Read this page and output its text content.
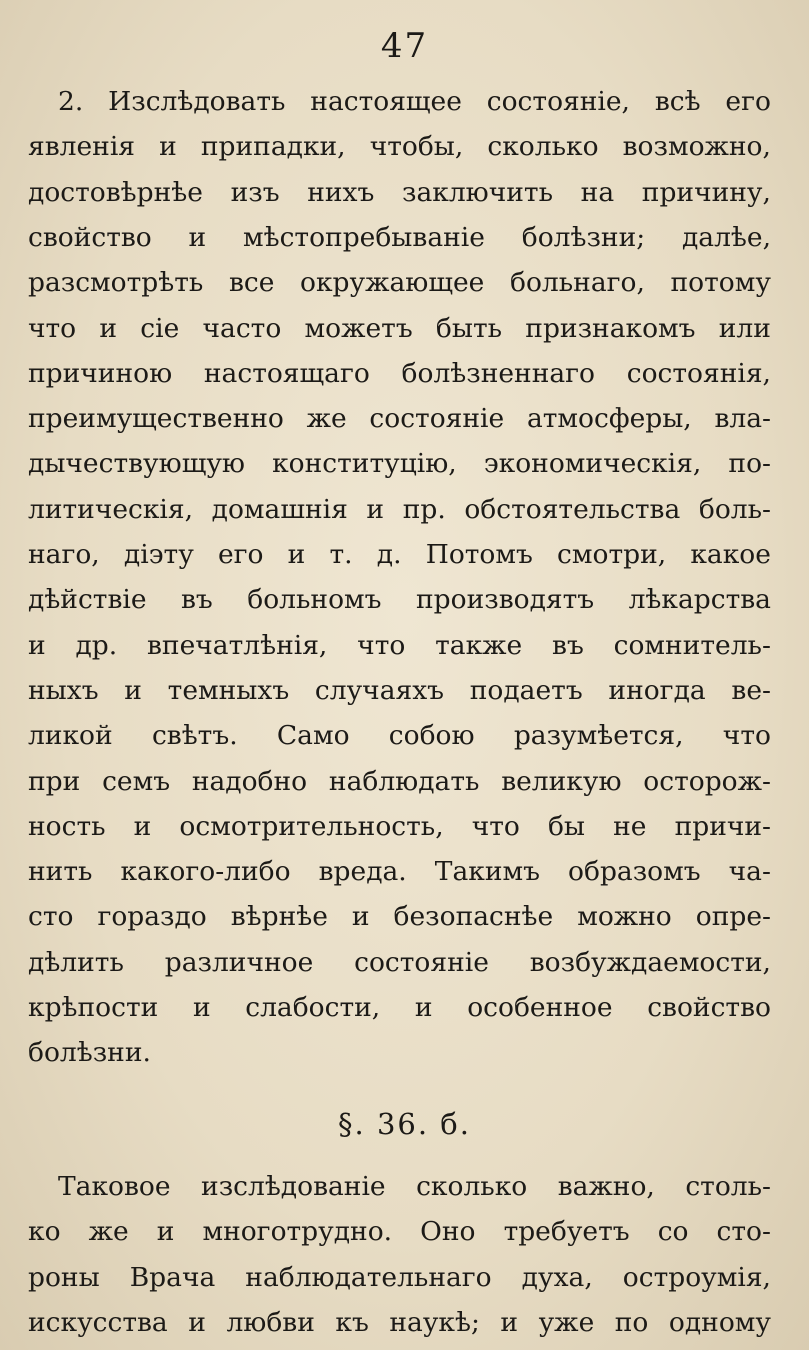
47
2. Изслѣдовать настоящее состояніе, всѣ его
явленія и припадки, чтобы, сколько возможно,
достовѣрнѣе изъ нихъ заключить на причину,
свойство и мѣстопребываніе болѣзни; далѣе,
разсмотрѣть все окружающее больнаго, потому
что и сіе часто можетъ быть признакомъ или
причиною настоящаго болѣзненнаго состоянія,
преимущественно же состояніе атмосферы, вла-
дычествующую конституцію, экономическія, по-
литическія, домашнія и пр. обстоятельства боль-
наго, діэту его и т. д. Потомъ смотри, какое
дѣйствіе въ больномъ производятъ лѣкарства
и др. впечатлѣнія, что также въ сомнитель-
ныхъ и темныхъ случаяхъ подаетъ иногда ве-
ликой свѣтъ. Само собою разумѣется, что
при семъ надобно наблюдать великую осторож-
ность и осмотрительность, что бы не причи-
нить какого-либо вреда. Такимъ образомъ ча-
сто гораздо вѣрнѣе и безопаснѣе можно опре-
дѣлить различное состояніе возбуждаемости,
крѣпости и слабости, и особенное свойство
болѣзни.
Таковое изслѣдованіе сколько важно, столь-
ко же и многотрудно. Оно требуетъ со сто-
роны Врача наблюдательнаго духа, остроумія,
искусства и любви къ наукѣ; и уже по одному
§. 36. б.
